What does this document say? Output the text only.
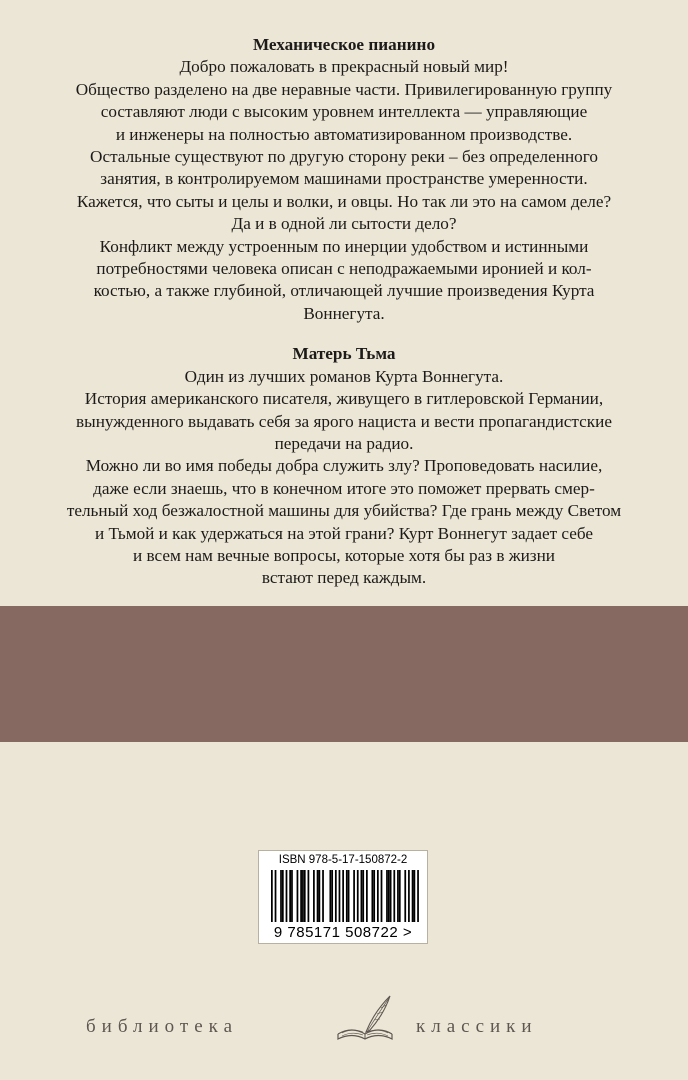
Механическое пианино

Добро пожаловать в прекрасный новый мир!

Общество разделено на две неравные части. Привилегированную группу

составляют люди с высоким уровнем интеллекта — управляющие

и инженеры на полностью автоматизированном производстве.

Остальные существуют по другую сторону реки – без определенного

занятия, в контролируемом машинами пространстве умеренности.

Кажется, что сыты и целы и волки, и овцы. Но так ли это на самом деле?

Да и в одной ли сытости дело?

Конфликт между устроенным по инерции удобством и истинными

потребностями человека описан с неподражаемыми иронией и кол-

костью, а также глубиной, отличающей лучшие произведения Курта

Воннегута.

Матерь Тьма

Один из лучших романов Курта Воннегута.

История американского писателя, живущего в гитлеровской Германии,

вынужденного выдавать себя за ярого нациста и вести пропагандистские

передачи на радио.

Можно ли во имя победы добра служить злу? Проповедовать насилие,

даже если знаешь, что в конечном итоге это поможет прервать смер-

тельный ход безжалостной машины для убийства? Где грань между Светом

и Тьмой и как удержаться на этой грани? Курт Воннегут задает себе

и всем нам вечные вопросы, которые хотя бы раз в жизни

встают перед каждым.

ISBN 978-5-17-150872-2
9 785171 508722 >
библиотека	классики
